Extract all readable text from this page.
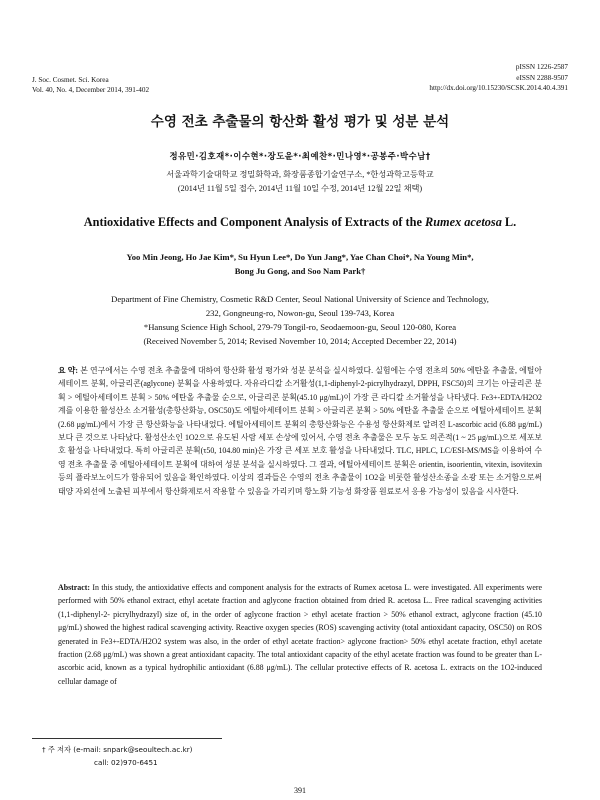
J. Soc. Cosmet. Sci. Korea
Vol. 40, No. 4, December 2014, 391-402
pISSN 1226-2587
eISSN 2288-9507
http://dx.doi.org/10.15230/SCSK.2014.40.4.391
수영 전초 추출물의 항산화 활성 평가 및 성분 분석
정유민·김호재*·이수현*·장도윤*·최예찬*·민나영*·공봉주·박수남†
서울과학기술대학교 정밀화학과, 화장품종합기술연구소, *한성과학고등학교
(2014년 11월 5일 접수, 2014년 11월 10일 수정, 2014년 12월 22일 채택)
Antioxidative Effects and Component Analysis of Extracts of the Rumex acetosa L.
Yoo Min Jeong, Ho Jae Kim*, Su Hyun Lee*, Do Yun Jang*, Yae Chan Choi*, Na Young Min*,
Bong Ju Gong, and Soo Nam Park†
Department of Fine Chemistry, Cosmetic R&D Center, Seoul National University of Science and Technology,
232, Gongneung-ro, Nowon-gu, Seoul 139-743, Korea
*Hansung Science High School, 279-79 Tongil-ro, Seodaemoon-gu, Seoul 120-080, Korea
(Received November 5, 2014; Revised November 10, 2014; Accepted December 22, 2014)
요 약: 본 연구에서는 수영 전초 추출물에 대하여 항산화 활성 평가와 성분 분석을 실시하였다. 실험에는 수영 전초의 50% 에탄올 추출물, 에틸아세테이트 분획, 아글리콘(aglycone) 분획을 사용하였다. 자유라디칼 소거활성(1,1-diphenyl-2-picrylhydrazyl, DPPH, FSC50)의 크기는 아글리콘 분획 > 에틸아세테이트 분획 > 50% 에탄올 추출물 순으로, 아글리콘 분획(45.10 μg/mL)이 가장 큰 라디칼 소거활성을 나타냈다. Fe3+-EDTA/H2O2계를 이용한 활성산소 소거활성(총항산화능, OSC50)도 에틸아세테이트 분획 > 아글리콘 분획 > 50% 에탄올 추출물 순으로 에틸아세테이트 분획(2.68 μg/mL)에서 가장 큰 항산화능을 나타내었다. 에틸아세테이트 분획의 총항산화능은 수용성 항산화제로 알려진 L-ascorbic acid (6.88 μg/mL)보다 큰 것으로 나타났다. 활성산소인 1O2으로 유도된 사람 세포 손상에 있어서, 수영 전초 추출물은 모두 농도 의존적(1 ~ 25 μg/mL)으로 세포보호 활성을 나타내었다. 특히 아글리콘 분획(τ50, 104.80 min)은 가장 큰 세포 보호 활성을 나타내었다. TLC, HPLC, LC/ESI-MS/MS을 이용하여 수영 전초 추출물 중 에틸아세테이트 분획에 대하여 성분 분석을 실시하였다. 그 결과, 에틸아세테이트 분획은 orientin, isoorientin, vitexin, isovitexin 등의 플라보노이드가 함유되어 있음을 확인하였다. 이상의 결과들은 수영의 전초 추출물이 1O2을 비롯한 활성산소종을 소광 또는 소거함으로써 태양 자외선에 노출된 피부에서 항산화제로서 작용할 수 있음을 가리키며 항노화 기능성 화장품 원료로서 응용 가능성이 있음을 시사한다.
Abstract: In this study, the antioxidative effects and component analysis for the extracts of Rumex acetosa L. were investigated. All experiments were performed with 50% ethanol extract, ethyl acetate fraction and aglycone fraction obtained from dried R. acetosa L.. Free radical scavenging activities (1,1-diphenyl-2- picrylhydrazyl) size of, in the order of aglycone fraction > ethyl acetate fraction > 50% ethanol extract, aglycone fraction (45.10 μg/mL) showed the highest radical scavenging activity. Reactive oxygen species (ROS) scavenging activity (total antioxidant capacity, OSC50) on ROS generated in Fe3+-EDTA/H2O2 system was also, in the order of ethyl acetate fraction> aglycone fraction> 50% ethyl acetate fraction, ethyl acetate fraction (2.68 μg/mL) was shown a great antioxidant capacity. The total antioxidant capacity of the ethyl acetate fraction was found to be greater than L-ascorbic acid, known as a typical hydrophilic antioxidant (6.88 μg/mL). The cellular protective effects of R. acetosa L. extracts on the 1O2-induced cellular damage of
† 주 저자 (e-mail: snpark@seoultech.ac.kr)
call: 02)970-6451
391
